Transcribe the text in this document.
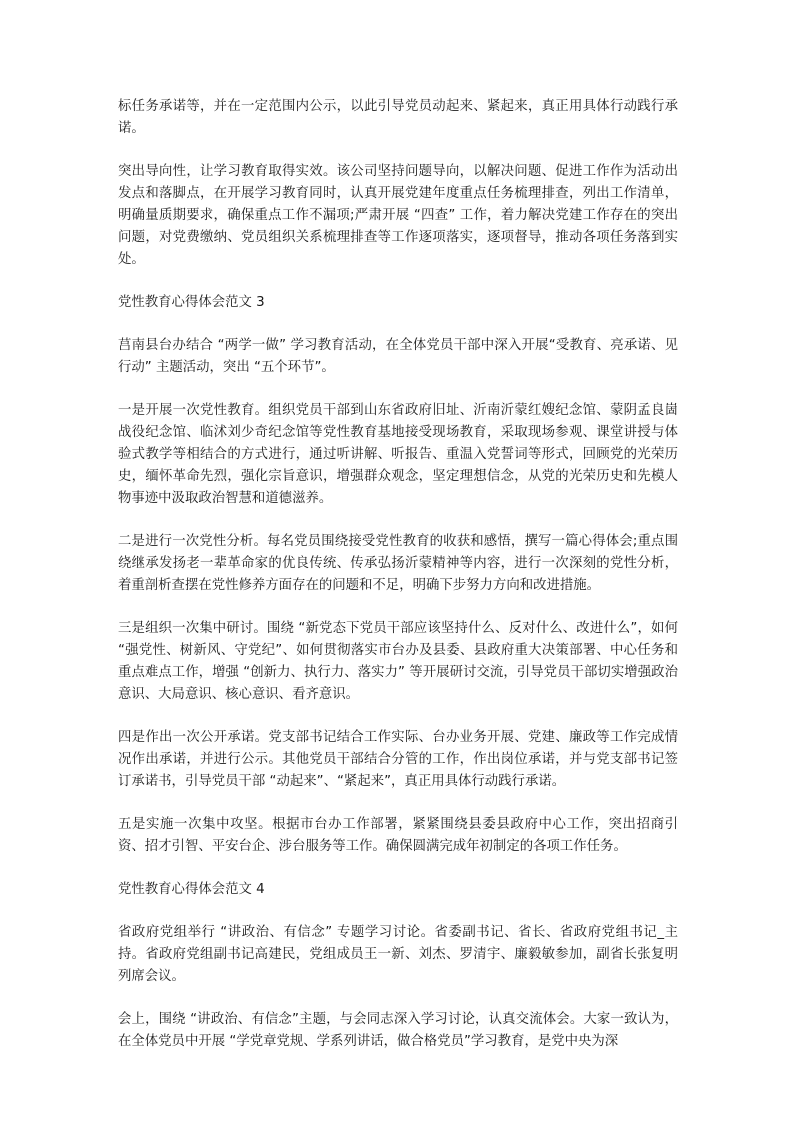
标任务承诺等，并在一定范围内公示，以此引导党员动起来、紧起来，真正用具体行动践行承诺。

突出导向性，让学习教育取得实效。该公司坚持问题导向，以解决问题、促进工作作为活动出发点和落脚点，在开展学习教育同时，认真开展党建年度重点任务梳理排查，列出工作清单，明确量质期要求，确保重点工作不漏项;严肃开展 “四查” 工作，着力解决党建工作存在的突出问题，对党费缴纳、党员组织关系梳理排查等工作逐项落实，逐项督导，推动各项任务落到实处。

党性教育心得体会范文 3

莒南县台办结合 “两学一做” 学习教育活动，在全体党员干部中深入开展“受教育、亮承诺、见行动” 主题活动，突出 “五个环节”。

一是开展一次党性教育。组织党员干部到山东省政府旧址、沂南沂蒙红嫂纪念馆、蒙阴孟良崮战役纪念馆、临沭刘少奇纪念馆等党性教育基地接受现场教育，采取现场参观、课堂讲授与体验式教学等相结合的方式进行，通过听讲解、听报告、重温入党誓词等形式，回顾党的光荣历史，缅怀革命先烈，强化宗旨意识，增强群众观念，坚定理想信念，从党的光荣历史和先模人物事迹中汲取政治智慧和道德滋养。

二是进行一次党性分析。每名党员围绕接受党性教育的收获和感悟，撰写一篇心得体会;重点围绕继承发扬老一辈革命家的优良传统、传承弘扬沂蒙精神等内容，进行一次深刻的党性分析，着重剖析查摆在党性修养方面存在的问题和不足，明确下步努力方向和改进措施。

三是组织一次集中研讨。围绕 “新党态下党员干部应该坚持什么、反对什么、改进什么”，如何 “强党性、树新风、守党纪”、如何贯彻落实市台办及县委、县政府重大决策部署、中心任务和重点难点工作，增强 “创新力、执行力、落实力” 等开展研讨交流，引导党员干部切实增强政治意识、大局意识、核心意识、看齐意识。

四是作出一次公开承诺。党支部书记结合工作实际、台办业务开展、党建、廉政等工作完成情况作出承诺，并进行公示。其他党员干部结合分管的工作，作出岗位承诺，并与党支部书记签订承诺书，引导党员干部 “动起来”、“紧起来”，真正用具体行动践行承诺。

五是实施一次集中攻坚。根据市台办工作部署，紧紧围绕县委县政府中心工作，突出招商引资、招才引智、平安台企、涉台服务等工作。确保圆满完成年初制定的各项工作任务。

党性教育心得体会范文 4

省政府党组举行 “讲政治、有信念” 专题学习讨论。省委副书记、省长、省政府党组书记_主持。省政府党组副书记高建民，党组成员王一新、刘杰、罗清宇、廉毅敏参加，副省长张复明列席会议。

会上，围绕 “讲政治、有信念”主题，与会同志深入学习讨论，认真交流体会。大家一致认为，在全体党员中开展 “学党章党规、学系列讲话，做合格党员”学习教育，是党中央为深
